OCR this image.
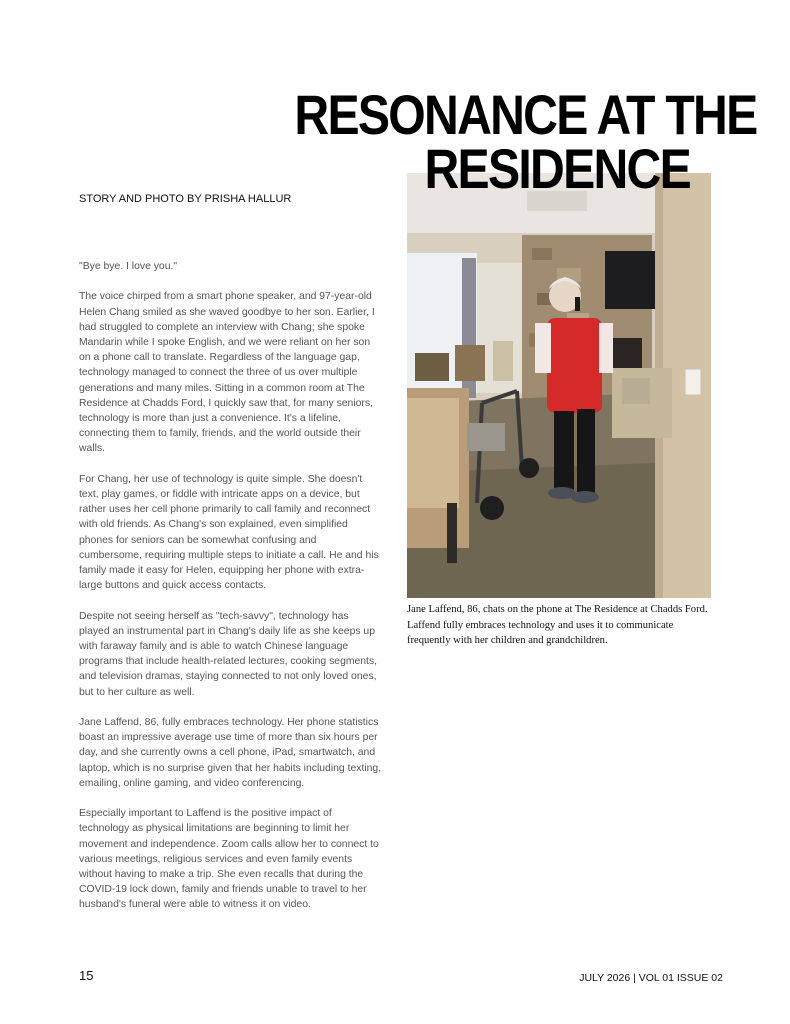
RESONANCE AT THE
RESIDENCE
STORY AND PHOTO BY PRISHA HALLUR

"Bye bye. I love you."

The voice chirped from a smart phone speaker, and 97-year-old Helen Chang smiled as she waved goodbye to her son. Earlier, I had struggled to complete an interview with Chang; she spoke Mandarin while I spoke English, and we were reliant on her son on a phone call to translate. Regardless of the language gap, technology managed to connect the three of us over multiple generations and many miles. Sitting in a common room at The Residence at Chadds Ford, I quickly saw that, for many seniors, technology is more than just a convenience. It's a lifeline, connecting them to family, friends, and the world outside their walls.

For Chang, her use of technology is quite simple. She doesn't text, play games, or fiddle with intricate apps on a device, but rather uses her cell phone primarily to call family and reconnect with old friends. As Chang's son explained, even simplified phones for seniors can be somewhat confusing and cumbersome, requiring multiple steps to initiate a call. He and his family made it easy for Helen, equipping her phone with extra-large buttons and quick access contacts.

Despite not seeing herself as "tech-savvy", technology has played an instrumental part in Chang's daily life as she keeps up with faraway family and is able to watch Chinese language programs that include health-related lectures, cooking segments, and television dramas, staying connected to not only loved ones, but to her culture as well.

Jane Laffend, 86, fully embraces technology. Her phone statistics boast an impressive average use time of more than six hours per day, and she currently owns a cell phone, iPad, smartwatch, and laptop, which is no surprise given that her habits including texting, emailing, online gaming, and video conferencing.

Especially important to Laffend is the positive impact of technology as physical limitations are beginning to limit her movement and independence. Zoom calls allow her to connect to various meetings, religious services and even family events without having to make a trip. She even recalls that during the COVID-19 lock down, family and friends unable to travel to her husband's funeral were able to witness it on video.

Jane Laffend, 86, chats on the phone at The Residence at Chadds Ford. Laffend fully embraces technology and uses it to communicate frequently with her children and grandchildren.
15	JULY 2026 | VOL 01 ISSUE 02
